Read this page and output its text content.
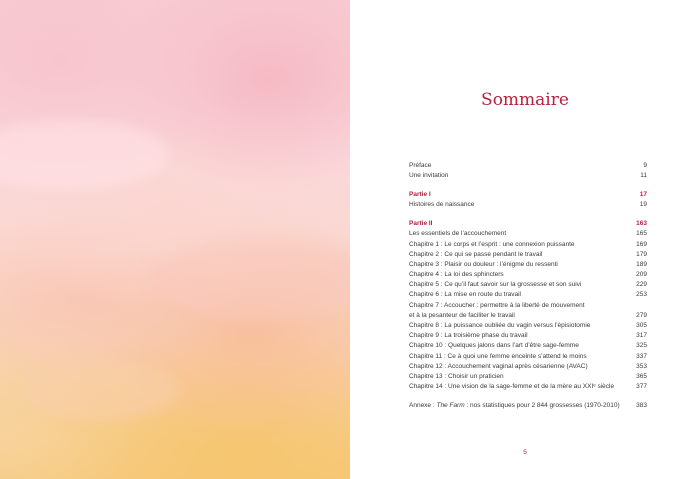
Sommaire
Préface	9
Une invitation	11
Partie I	17
Histoires de naissance	19
Partie II	163
Les essentiels de l’accouchement	165
Chapitre 1 : Le corps et l’esprit : une connexion puissante	169
Chapitre 2 : Ce qui se passe pendant le travail	179
Chapitre 3 : Plaisir ou douleur : l’énigme du ressenti	189
Chapitre 4 : La loi des sphincters	209
Chapitre 5 : Ce qu’il faut savoir sur la grossesse et son suivi	229
Chapitre 6 : La mise en route du travail	253
Chapitre 7 : Accoucher : permettre à la liberté de mouvement
et à la pesanteur de faciliter le travail	279
Chapitre 8 : La puissance oubliée du vagin versus l’épisiotomie	305
Chapitre 9 : La troisième phase du travail	317
Chapitre 10 : Quelques jalons dans l’art d’être sage-femme	325
Chapitre 11 : Ce à quoi une femme enceinte s’attend le moins	337
Chapitre 12 : Accouchement vaginal après césarienne (AVAC)	353
Chapitre 13 : Choisir un praticien	365
Chapitre 14 : Une vision de la sage-femme et de la mère au XXIᵉ siècle	377
Annexe : The Farm : nos statistiques pour 2 844 grossesses (1970-2010)	383
5
